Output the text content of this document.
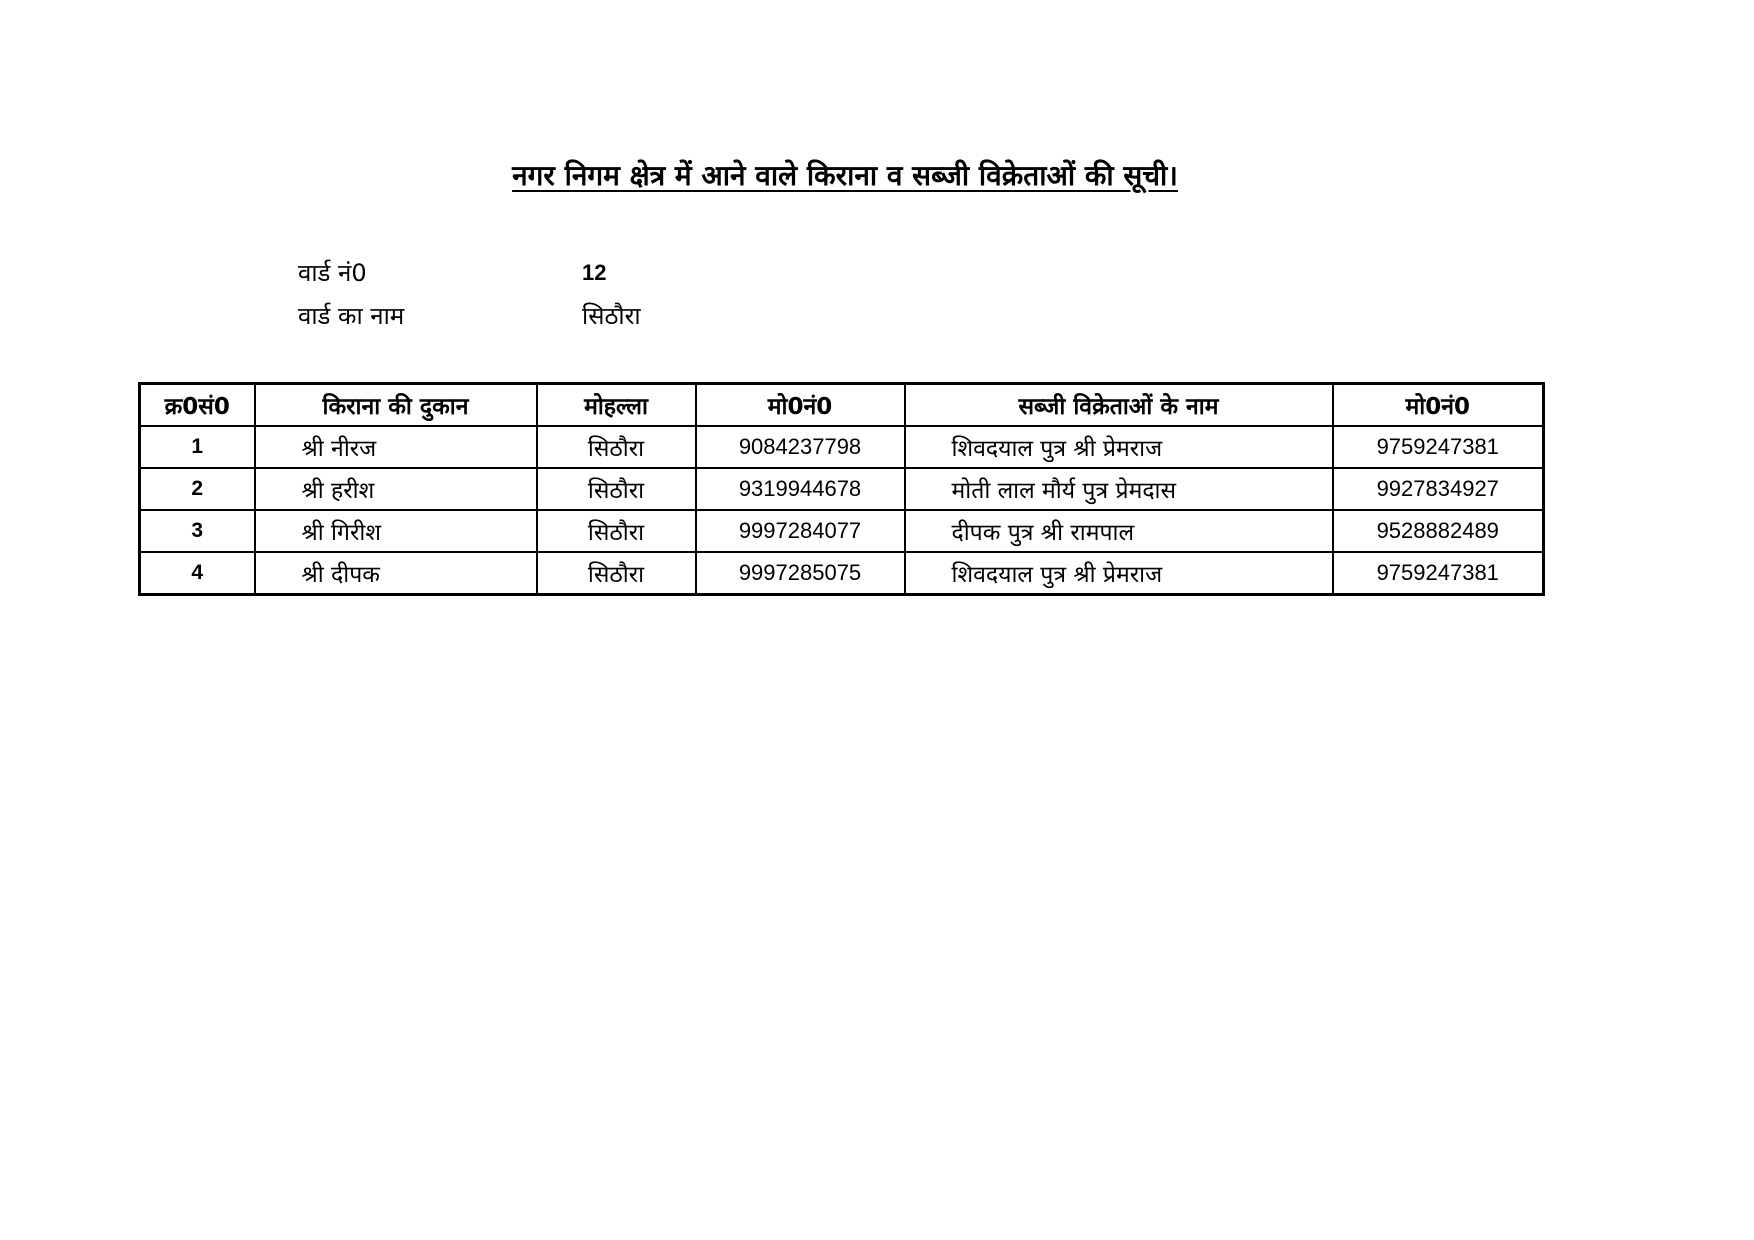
नगर निगम क्षेत्र में आने वाले किराना व सब्जी विक्रेताओं की सूची।
वार्ड नं0	12
वार्ड का नाम	सिठौरा
क्र0सं0	किराना की दुकान	मोहल्ला	मो0नं0	सब्जी विक्रेताओं के नाम	मो0नं0
1	श्री नीरज	सिठौरा	9084237798	शिवदयाल पुत्र श्री प्रेमराज	9759247381
2	श्री हरीश	सिठौरा	9319944678	मोती लाल मौर्य पुत्र प्रेमदास	9927834927
3	श्री गिरीश	सिठौरा	9997284077	दीपक पुत्र श्री रामपाल	9528882489
4	श्री दीपक	सिठौरा	9997285075	शिवदयाल पुत्र श्री प्रेमराज	9759247381
